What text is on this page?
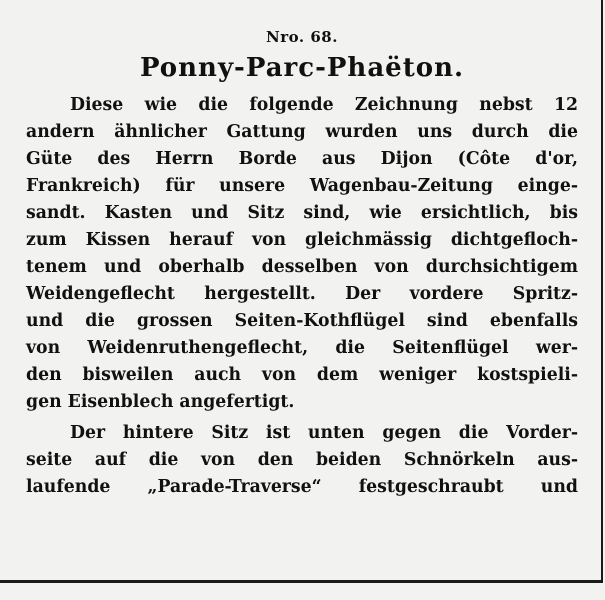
Nro. 68.
Ponny-Parc-Phaëton.

Diese wie die folgende Zeichnung nebst 12
andern ähnlicher Gattung wurden uns durch die
Güte des Herrn Borde aus Dijon (Côte d'or,
Frankreich) für unsere Wagenbau-Zeitung einge-
sandt. Kasten und Sitz sind, wie ersichtlich, bis
zum Kissen herauf von gleichmässig dichtgefloch-
tenem und oberhalb desselben von durchsichtigem
Weidengeflecht hergestellt. Der vordere Spritz-
und die grossen Seiten-Kothflügel sind ebenfalls
von Weidenruthengeflecht, die Seitenflügel wer-
den bisweilen auch von dem weniger kostspieli-
gen Eisenblech angefertigt.

Der hintere Sitz ist unten gegen die Vorder-
seite auf die von den beiden Schnörkeln aus-
laufende „Parade-Traverse“ festgeschraubt und
